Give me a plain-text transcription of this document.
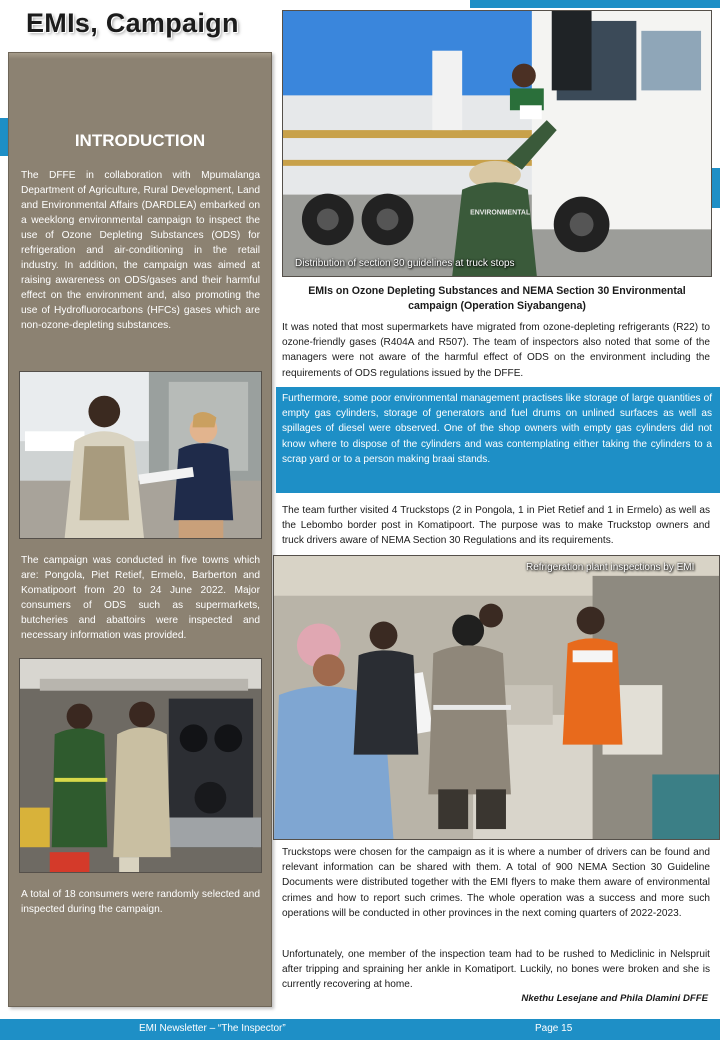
EMIs, Campaign
INTRODUCTION

The DFFE in collaboration with Mpumalanga Department of Agriculture, Rural Development, Land and Environmental Affairs (DARDLEA) embarked on a weeklong environmental campaign to inspect the use of Ozone Depleting Substances (ODS) for refrigeration and air-conditioning in the retail industry. In addition, the campaign was aimed at raising awareness on ODS/gases and their harmful effect on the environment and, also promoting the use of Hydrofluorocarbons (HFCs) gases which are non-ozone-depleting substances.

The campaign was conducted in five towns which are: Pongola, Piet Retief, Ermelo, Barberton and Komatipoort from 20 to 24 June 2022. Major consumers of ODS such as supermarkets, butcheries and abattoirs were inspected and necessary information was provided.

A total of 18 consumers were randomly selected and inspected during the campaign.

ENVIRONMENTAL
Distribution of section 30 guidelines at truck stops
EMIs on Ozone Depleting Substances and NEMA Section 30 Environmental campaign (Operation Siyabangena)

It was noted that most supermarkets have migrated from ozone-depleting refrigerants (R22) to ozone-friendly gases (R404A and R507). The team of inspectors also noted that some of the managers were not aware of the harmful effect of ODS on the environment including the requirements of ODS regulations issued by the DFFE.

Furthermore, some poor environmental management practises like storage of large quantities of empty gas cylinders, storage of generators and fuel drums on unlined surfaces as well as spillages of diesel were observed. One of the shop owners with empty gas cylinders did not know where to dispose of the cylinders and was contemplating either taking the cylinders to a scrap yard or to a person making braai stands.

The team further visited 4 Truckstops (2 in Pongola, 1 in Piet Retief and 1 in Ermelo) as well as the Lebombo border post in Komatipoort. The purpose was to make Truckstop owners and truck drivers aware of NEMA Section 30 Regulations and its requirements.

Refrigeration plant inspections by EMI

Truckstops were chosen for the campaign as it is where a number of drivers can be found and relevant information can be shared with them. A total of 900 NEMA Section 30 Guideline Documents were distributed together with the EMI flyers to make them aware of environmental crimes and how to report such crimes. The whole operation was a success and more such operations will be conducted in other provinces in the next coming quarters of 2022-2023.

Unfortunately, one member of the inspection team had to be rushed to Mediclinic in Nelspruit after tripping and spraining her ankle in Komatiport. Luckily, no bones were broken and she is currently recovering at home.

Nkethu Lesejane and Phila Dlamini DFFE
EMI Newsletter – “The Inspector”	Page 15
